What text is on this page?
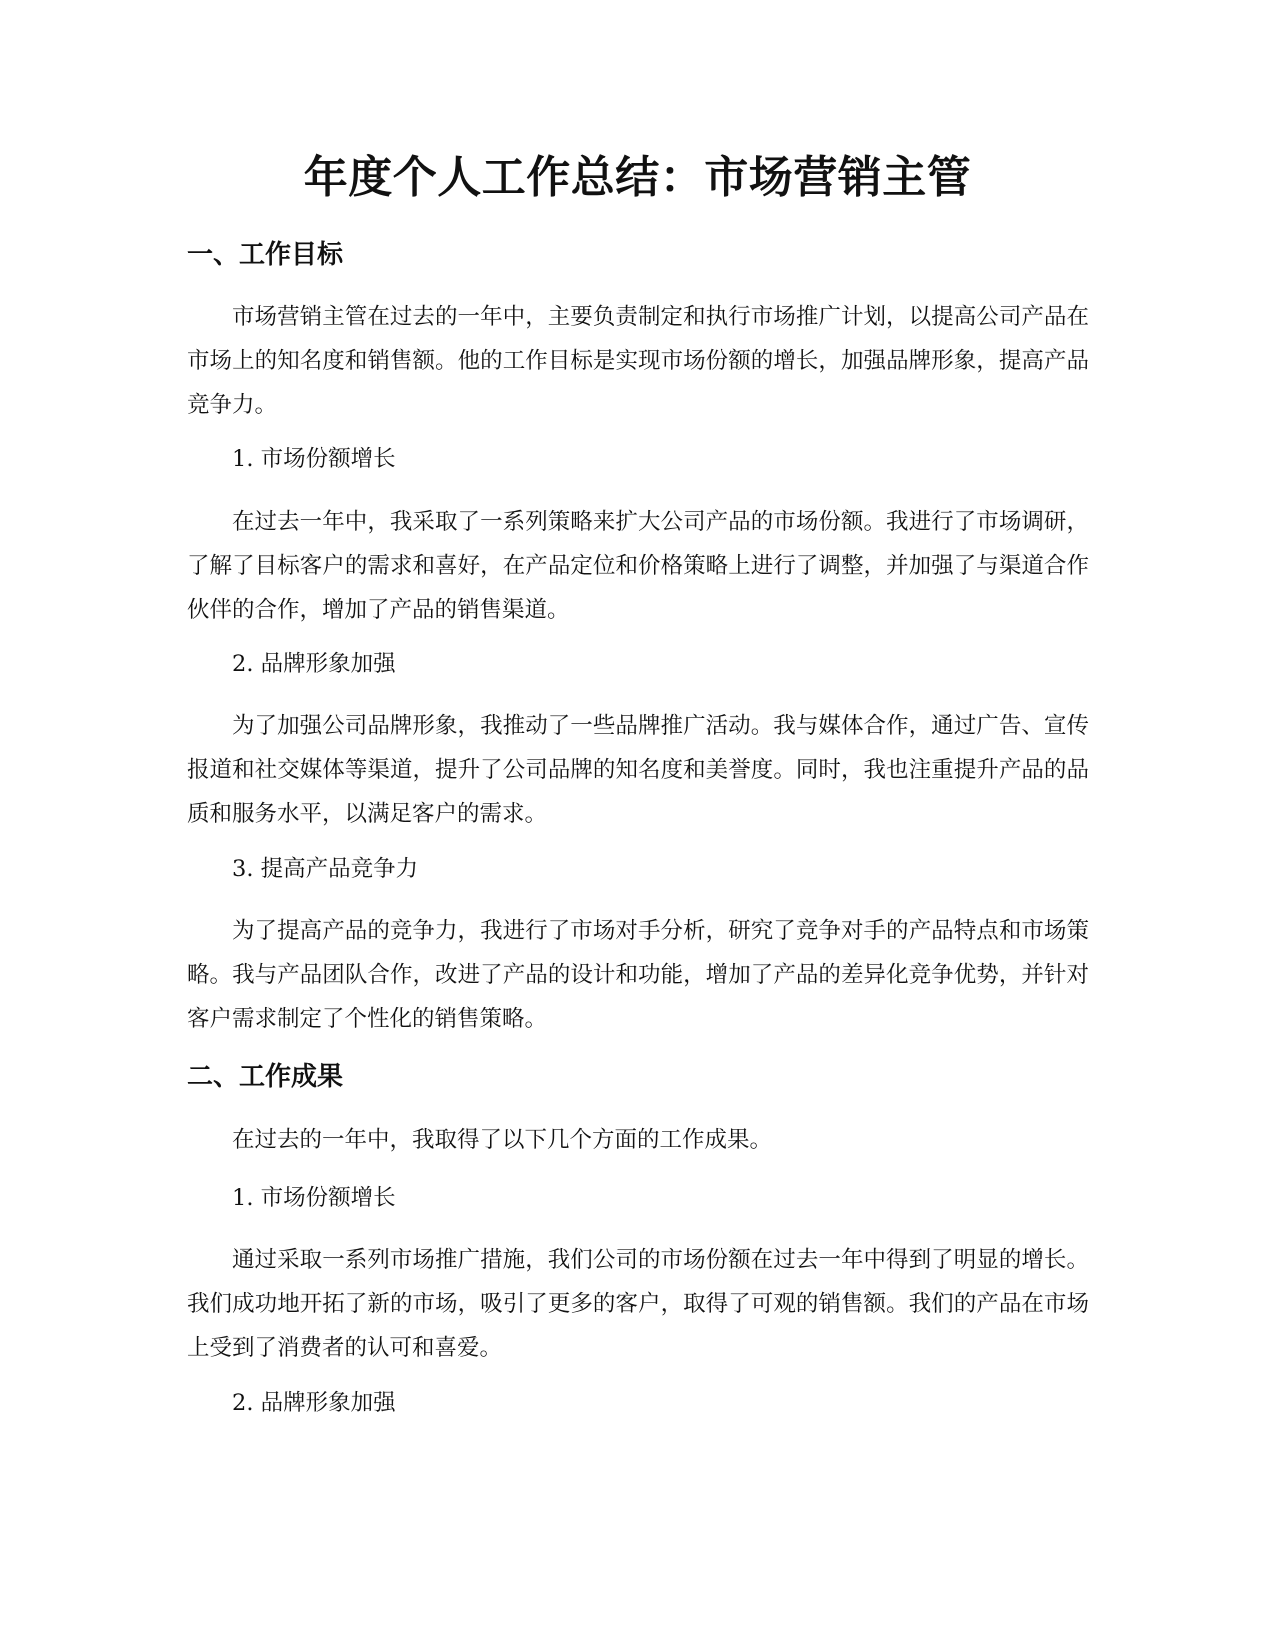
年度个人工作总结：市场营销主管
一、工作目标

市场营销主管在过去的一年中，主要负责制定和执行市场推广计划，以提高公司产品在市场上的知名度和销售额。他的工作目标是实现市场份额的增长，加强品牌形象，提高产品竞争力。

1. 市场份额增长

在过去一年中，我采取了一系列策略来扩大公司产品的市场份额。我进行了市场调研，了解了目标客户的需求和喜好，在产品定位和价格策略上进行了调整，并加强了与渠道合作伙伴的合作，增加了产品的销售渠道。

2. 品牌形象加强

为了加强公司品牌形象，我推动了一些品牌推广活动。我与媒体合作，通过广告、宣传报道和社交媒体等渠道，提升了公司品牌的知名度和美誉度。同时，我也注重提升产品的品质和服务水平，以满足客户的需求。

3. 提高产品竞争力

为了提高产品的竞争力，我进行了市场对手分析，研究了竞争对手的产品特点和市场策略。我与产品团队合作，改进了产品的设计和功能，增加了产品的差异化竞争优势，并针对客户需求制定了个性化的销售策略。

二、工作成果

在过去的一年中，我取得了以下几个方面的工作成果。

1. 市场份额增长

通过采取一系列市场推广措施，我们公司的市场份额在过去一年中得到了明显的增长。我们成功地开拓了新的市场，吸引了更多的客户，取得了可观的销售额。我们的产品在市场上受到了消费者的认可和喜爱。

2. 品牌形象加强
